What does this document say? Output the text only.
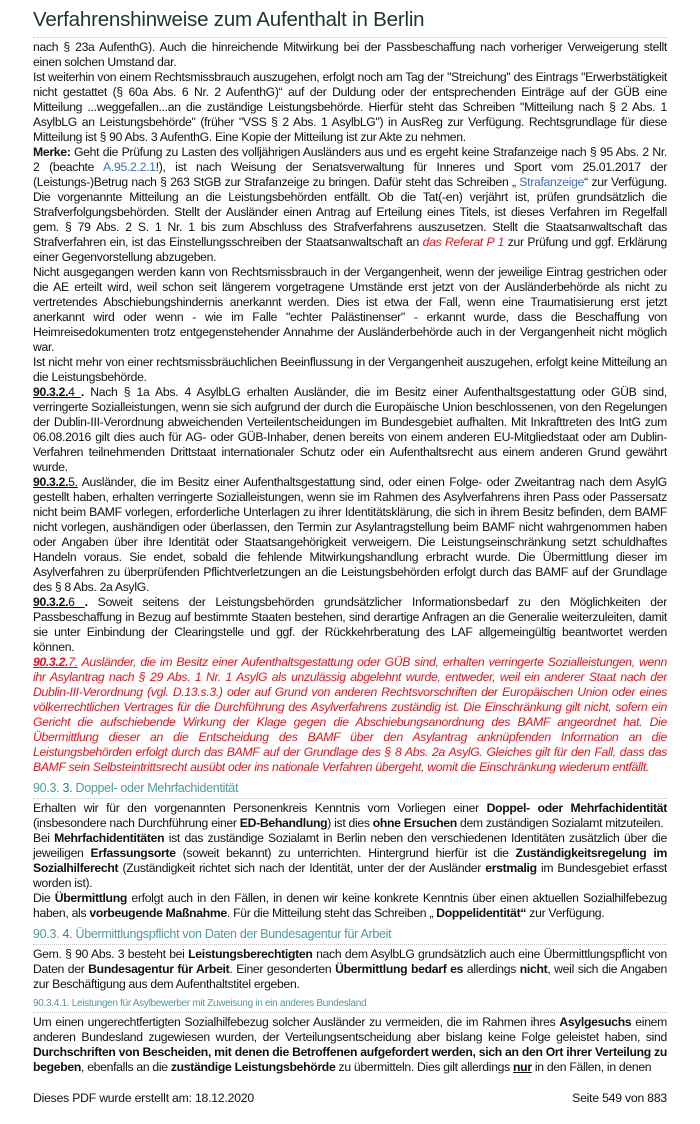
Verfahrenshinweise zum Aufenthalt in Berlin

nach § 23a AufenthG). Auch die hinreichende Mitwirkung bei der Passbeschaffung nach vorheriger Verweigerung stellt einen solchen Umstand dar.

Ist weiterhin von einem Rechtsmissbrauch auszugehen, erfolgt noch am Tag der "Streichung" des Eintrags "Erwerbstätigkeit nicht gestattet (§ 60a Abs. 6 Nr. 2 AufenthG)“ auf der Duldung oder der entsprechenden Einträge auf der GÜB eine Mitteilung ...weggefallen...an die zuständige Leistungsbehörde. Hierfür steht das Schreiben "Mitteilung nach § 2 Abs. 1 AsylbLG an Leistungsbehörde" (früher "VSS § 2 Abs. 1 AsylbLG") in AusReg zur Verfügung. Rechtsgrundlage für diese Mitteilung ist § 90 Abs. 3 AufenthG. Eine Kopie der Mitteilung ist zur Akte zu nehmen.

Merke: Geht die Prüfung zu Lasten des volljährigen Ausländers aus und es ergeht keine Strafanzeige nach § 95 Abs. 2 Nr. 2 (beachte A.95.2.2.1!), ist nach Weisung der Senatsverwaltung für Inneres und Sport vom 25.01.2017 der (Leistungs-)Betrug nach § 263 StGB zur Strafanzeige zu bringen. Dafür steht das Schreiben „ Strafanzeige“ zur Verfügung. Die vorgenannte Mitteilung an die Leistungsbehörden entfällt. Ob die Tat(-en) verjährt ist, prüfen grundsätzlich die Strafverfolgungsbehörden. Stellt der Ausländer einen Antrag auf Erteilung eines Titels, ist dieses Verfahren im Regelfall gem. § 79 Abs. 2 S. 1 Nr. 1 bis zum Abschluss des Strafverfahrens auszusetzen. Stellt die Staatsanwaltschaft das Strafverfahren ein, ist das Einstellungsschreiben der Staatsanwaltschaft an das Referat P 1 zur Prüfung und ggf. Erklärung einer Gegenvorstellung abzugeben.

Nicht ausgegangen werden kann von Rechtsmissbrauch in der Vergangenheit, wenn der jeweilige Eintrag gestrichen oder die AE erteilt wird, weil schon seit längerem vorgetragene Umstände erst jetzt von der Ausländerbehörde als nicht zu vertretendes Abschiebungshindernis anerkannt werden. Dies ist etwa der Fall, wenn eine Traumatisierung erst jetzt anerkannt wird oder wenn - wie im Falle "echter Palästinenser" - erkannt wurde, dass die Beschaffung von Heimreisedokumenten trotz entgegenstehender Annahme der Ausländerbehörde auch in der Vergangenheit nicht möglich war.

Ist nicht mehr von einer rechtsmissbräuchlichen Beeinflussung in der Vergangenheit auszugehen, erfolgt keine Mitteilung an die Leistungsbehörde.

90.3.2.4 . Nach § 1a Abs. 4 AsylbLG erhalten Ausländer, die im Besitz einer Aufenthaltsgestattung oder GÜB sind, verringerte Sozialleistungen, wenn sie sich aufgrund der durch die Europäische Union beschlossenen, von den Regelungen der Dublin-III-Verordnung abweichenden Verteilentscheidungen im Bundesgebiet aufhalten. Mit Inkrafttreten des IntG zum 06.08.2016 gilt dies auch für AG- oder GÜB-Inhaber, denen bereits von einem anderen EU-Mitgliedstaat oder am Dublin-Verfahren teilnehmenden Drittstaat internationaler Schutz oder ein Aufenthaltsrecht aus einem anderen Grund gewährt wurde.

90.3.2.5. Ausländer, die im Besitz einer Aufenthaltsgestattung sind, oder einen Folge- oder Zweitantrag nach dem AsylG gestellt haben, erhalten verringerte Sozialleistungen, wenn sie im Rahmen des Asylverfahrens ihren Pass oder Passersatz nicht beim BAMF vorlegen, erforderliche Unterlagen zu ihrer Identitätsklärung, die sich in ihrem Besitz befinden, dem BAMF nicht vorlegen, aushändigen oder überlassen, den Termin zur Asylantragstellung beim BAMF nicht wahrgenommen haben oder Angaben über ihre Identität oder Staatsangehörigkeit verweigern. Die Leistungseinschränkung setzt schuldhaftes Handeln voraus. Sie endet, sobald die fehlende Mitwirkungshandlung erbracht wurde. Die Übermittlung dieser im Asylverfahren zu überprüfenden Pflichtverletzungen an die Leistungsbehörden erfolgt durch das BAMF auf der Grundlage des § 8 Abs. 2a AsylG.

90.3.2.6 . Soweit seitens der Leistungsbehörden grundsätzlicher Informationsbedarf zu den Möglichkeiten der Passbeschaffung in Bezug auf bestimmte Staaten bestehen, sind derartige Anfragen an die Generalie weiterzuleiten, damit sie unter Einbindung der Clearingstelle und ggf. der Rückkehrberatung des LAF allgemeingültig beantwortet werden können.

90.3.2.7. Ausländer, die im Besitz einer Aufenthaltsgestattung oder GÜB sind, erhalten verringerte Sozialleistungen, wenn ihr Asylantrag nach § 29 Abs. 1 Nr. 1 AsylG als unzulässig abgelehnt wurde, entweder, weil ein anderer Staat nach der Dublin-III-Verordnung (vgl. D.13.s.3.) oder auf Grund von anderen Rechtsvorschriften der Europäischen Union oder eines völkerrechtlichen Vertrages für die Durchführung des Asylverfahrens zuständig ist. Die Einschränkung gilt nicht, sofern ein Gericht die aufschiebende Wirkung der Klage gegen die Abschiebungsanordnung des BAMF angeordnet hat. Die Übermittlung dieser an die Entscheidung des BAMF über den Asylantrag anknüpfenden Information an die Leistungsbehörden erfolgt durch das BAMF auf der Grundlage des § 8 Abs. 2a AsylG. Gleiches gilt für den Fall, dass das BAMF sein Selbsteintrittsrecht ausübt oder ins nationale Verfahren übergeht, womit die Einschränkung wiederum entfällt.

90.3. 3. Doppel- oder Mehrfachidentität

Erhalten wir für den vorgenannten Personenkreis Kenntnis vom Vorliegen einer Doppel- oder Mehrfachidentität (insbesondere nach Durchführung einer ED-Behandlung) ist dies ohne Ersuchen dem zuständigen Sozialamt mitzuteilen.

Bei Mehrfachidentitäten ist das zuständige Sozialamt in Berlin neben den verschiedenen Identitäten zusätzlich über die jeweiligen Erfassungsorte (soweit bekannt) zu unterrichten. Hintergrund hierfür ist die Zuständigkeitsregelung im Sozialhilferecht (Zuständigkeit richtet sich nach der Identität, unter der der Ausländer erstmalig im Bundesgebiet erfasst worden ist).

Die Übermittlung erfolgt auch in den Fällen, in denen wir keine konkrete Kenntnis über einen aktuellen Sozialhilfebezug haben, als vorbeugende Maßnahme. Für die Mitteilung steht das Schreiben „ Doppelidentität“ zur Verfügung.

90.3. 4. Übermittlungspflicht von Daten der Bundesagentur für Arbeit

Gem. § 90 Abs. 3 besteht bei Leistungsberechtigten nach dem AsylbLG grundsätzlich auch eine Übermittlungspflicht von Daten der Bundesagentur für Arbeit. Einer gesonderten Übermittlung bedarf es allerdings nicht, weil sich die Angaben zur Beschäftigung aus dem Aufenthaltstitel ergeben.

90.3.4.1. Leistungen für Asylbewerber mit Zuweisung in ein anderes Bundesland

Um einen ungerechtfertigten Sozialhilfebezug solcher Ausländer zu vermeiden, die im Rahmen ihres Asylgesuchs einem anderen Bundesland zugewiesen wurden, der Verteilungsentscheidung aber bislang keine Folge geleistet haben, sind Durchschriften von Bescheiden, mit denen die Betroffenen aufgefordert werden, sich an den Ort ihrer Verteilung zu begeben, ebenfalls an die zuständige Leistungsbehörde zu übermitteln. Dies gilt allerdings nur in den Fällen, in denen

Dieses PDF wurde erstellt am: 18.12.2020	Seite 549 von 883
